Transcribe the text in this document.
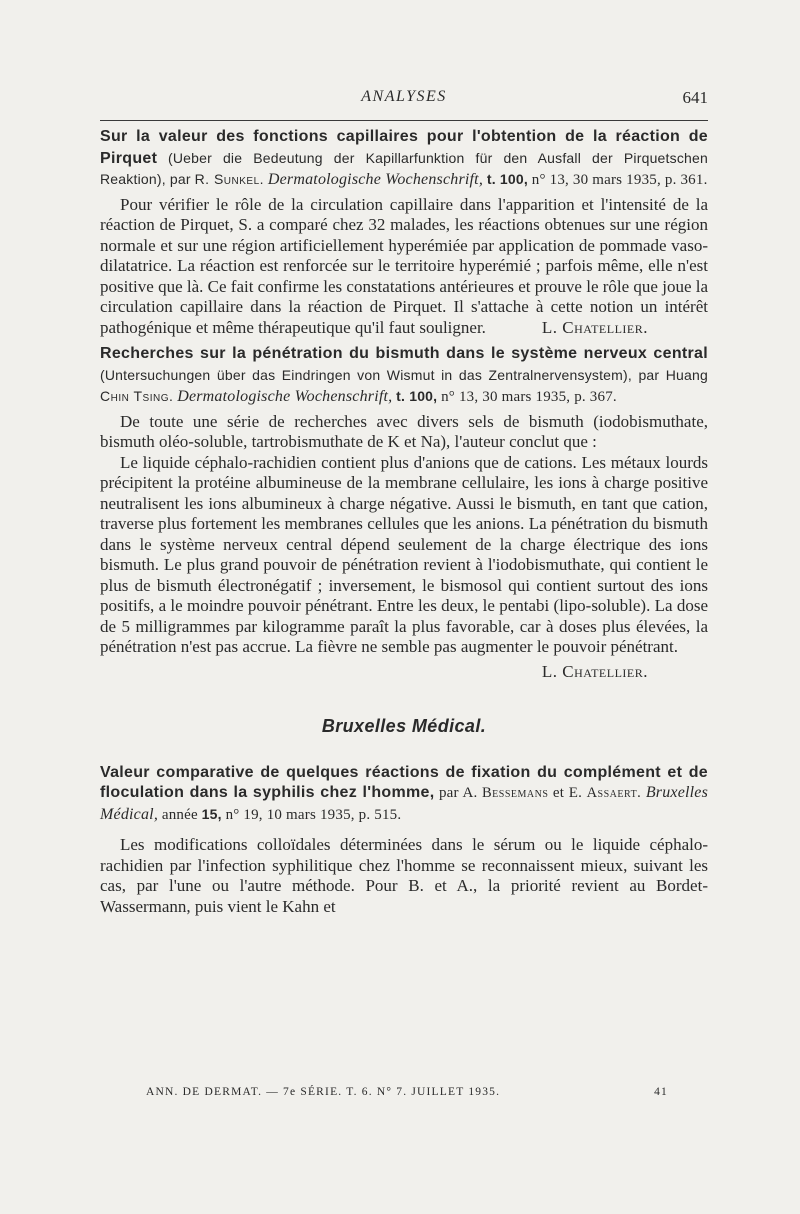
ANALYSES	641

Sur la valeur des fonctions capillaires pour l'obtention de la réaction de Pirquet (Ueber die Bedeutung der Kapillarfunktion für den Ausfall der Pirquetschen Reaktion), par R. Sunkel. Dermatologische Wochenschrift, t. 100, n° 13, 30 mars 1935, p. 361.

Pour vérifier le rôle de la circulation capillaire dans l'apparition et l'intensité de la réaction de Pirquet, S. a comparé chez 32 malades, les réactions obtenues sur une région normale et sur une région artificiellement hyperémiée par application de pommade vaso-dilatatrice. La réaction est renforcée sur le territoire hyperémié ; parfois même, elle n'est positive que là. Ce fait confirme les constatations antérieures et prouve le rôle que joue la circulation capillaire dans la réaction de Pirquet. Il s'attache à cette notion un intérêt pathogénique et même thérapeutique qu'il faut souligner.	L. Chatellier.

Recherches sur la pénétration du bismuth dans le système nerveux central (Untersuchungen über das Eindringen von Wismut in das Zentralnervensystem), par Huang Chin Tsing. Dermatologische Wochenschrift, t. 100, n° 13, 30 mars 1935, p. 367.

De toute une série de recherches avec divers sels de bismuth (iodobismuthate, bismuth oléo-soluble, tartrobismuthate de K et Na), l'auteur conclut que :

Le liquide céphalo-rachidien contient plus d'anions que de cations. Les métaux lourds précipitent la protéine albumineuse de la membrane cellulaire, les ions à charge positive neutralisent les ions albumineux à charge négative. Aussi le bismuth, en tant que cation, traverse plus fortement les membranes cellules que les anions. La pénétration du bismuth dans le système nerveux central dépend seulement de la charge électrique des ions bismuth. Le plus grand pouvoir de pénétration revient à l'iodobismuthate, qui contient le plus de bismuth électronégatif ; inversement, le bismosol qui contient surtout des ions positifs, a le moindre pouvoir pénétrant. Entre les deux, le pentabi (lipo-soluble). La dose de 5 milligrammes par kilogramme paraît la plus favorable, car à doses plus élevées, la pénétration n'est pas accrue. La fièvre ne semble pas augmenter le pouvoir pénétrant.

L. Chatellier.

Bruxelles Médical.

Valeur comparative de quelques réactions de fixation du complément et de floculation dans la syphilis chez l'homme, par A. Bessemans et E. Assaert. Bruxelles Médical, année 15, n° 19, 10 mars 1935, p. 515.

Les modifications colloïdales déterminées dans le sérum ou le liquide céphalo-rachidien par l'infection syphilitique chez l'homme se reconnaissent mieux, suivant les cas, par l'une ou l'autre méthode. Pour B. et A., la priorité revient au Bordet-Wassermann, puis vient le Kahn et

ANN. DE DERMAT. — 7e SÉRIE. T. 6. N° 7. JUILLET 1935.	41
